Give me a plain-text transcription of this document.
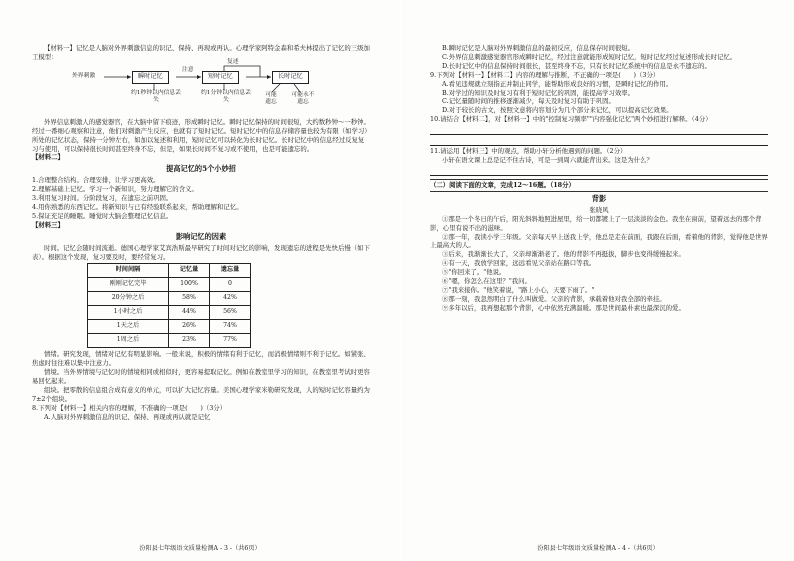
【材料一】记忆是人脑对外界刺激信息的识记、保持、再现或再认。心理学家阿特金森和希夫林提出了记忆的三级加工模型：

外界刺激	瞬时记忆	短时记忆	长时记忆
注意
复述
约1秒钟以内信息丢失
约1分钟以内信息丢失
可能遗忘
可能永不遗忘

外界信息刺激人的感觉器官，在大脑中留下痕迹，形成瞬时记忆。瞬时记忆保持的时间很短，大约数秒钟～一秒钟。经过一番细心观察和注意，他们对刺激产生反应，也就有了短时记忆。短时记忆中的信息存储容量也较为有限（如学习）所处的记忆状态，保持一分钟左右，如加以复述和利用，短时记忆可以转化为长时记忆。长时记忆中的信息经过反复复习与使用，可以保持很长时间甚至终身不忘，但是，如果长时间不复习或不使用，也是可能遗忘的。

【材料二】

提高记忆的5个小妙招

1.合理整合结构。合理安排，让学习更高效。

2.理解基础上记忆。学习一个新知识，努力理解它的含义。

3.利用复习时间。分阶段复习，在遗忘之前巩固。

4.用你熟悉的东西记忆。将新知识与已有经验联系起来，帮助理解和记忆。

5.保证充足的睡眠。睡觉时大脑会整理记忆信息。

【材料三】

影响记忆的因素

时间。记忆会随时间流逝。德国心理学家艾宾浩斯最早研究了时间对记忆的影响，发现遗忘的进程是先快后慢（如下表）。根据这个发现，复习要及时，要经常复习。

时间间隔	记忆量	遗忘量
刚刚记忆完毕	100%	0
20分钟之后	58%	42%
1小时之后	44%	56%
1天之后	26%	74%
1周之后	23%	77%

情绪。研究发现，情绪对记忆有明显影响。一般来说，积极的情绪有利于记忆，而消极情绪则不利于记忆。如紧张、焦虑时往往难以集中注意力。

情境。当外界情境与记忆时的情境相同或相似时，更容易提取记忆。例如在教室里学习的知识，在教室里考试时更容易回忆起来。

组块。把零散的信息组合成有意义的单元，可以扩大记忆容量。美国心理学家米勒研究发现，人的短时记忆容量约为7±2个组块。

8.下列对【材料一】相关内容的理解，不准确的一项是(　　)（3分）

A.人脑对外界刺激信息的识记、保持、再现或再认就是记忆

汾阳县七年级语文质量检测A - 3 -（共6页）

B.瞬时记忆是人脑对外界刺激信息的最初反应，信息保存时间很短。

C.外界信息刺激感觉器官形成瞬时记忆，经过注意就能形成短时记忆，短时记忆经过复述形成长时记忆。

D.长时记忆中的信息保持时间很长，甚至终身不忘，只有长时记忆系统中的信息是永不遗忘的。

9.下列对【材料一】【材料二】内容的理解与推断，不正确的一项是(　　)（3分）

A.看见违规就立刻指正并制止同学，能帮助形成良好的习惯，是瞬时记忆的作用。

B.对学过的知识及时复习有利于短时记忆的巩固，能提高学习效率。

C.记忆量随时间的推移逐渐减少，每天及时复习有助于巩固。

D.对于较长的古文，按照文意将内容划分为几个部分来记忆，可以提高记忆效果。

10.请结合【材料二】，对【材料一】中的"控制复习频率""内容强化记忆"两个妙招进行解释。（4分）

11.请运用【材料三】中的观点，帮助小轩分析他遇到的问题。（2分）

小轩在语文课上总是记不住古诗，可是一到周六就能背出来。这是为什么？

（二）阅读下面的文章，完成12～16题。（18分）

背影

张晓风

①那是一个冬日的午后，阳光斜斜地照进屋里，给一切都镀上了一层淡淡的金色。我坐在窗前，望着远去的那个背影，心里有说不出的滋味。

②那一年，我读小学三年级。父亲每天早上送我上学，他总是走在前面，我跟在后面，看着他的背影，觉得他是世界上最高大的人。

③后来，我渐渐长大了，父亲却渐渐老了。他的背影不再挺拔，脚步也变得缓慢起来。

④有一天，我放学回家，远远看见父亲站在路口等我。

⑤"你回来了。"他说。

⑥"嗯，你怎么在这里？"我问。

⑦"我来接你。"他笑着说，"路上小心，天要下雨了。"

⑧那一刻，我忽然明白了什么叫做爱。父亲的背影，承载着他对我全部的牵挂。

⑨多年以后，我再想起那个背影，心中依然充满温暖。那是世间最朴素也最深沉的爱。

汾阳县七年级语文质量检测A - 4 -（共6页）
